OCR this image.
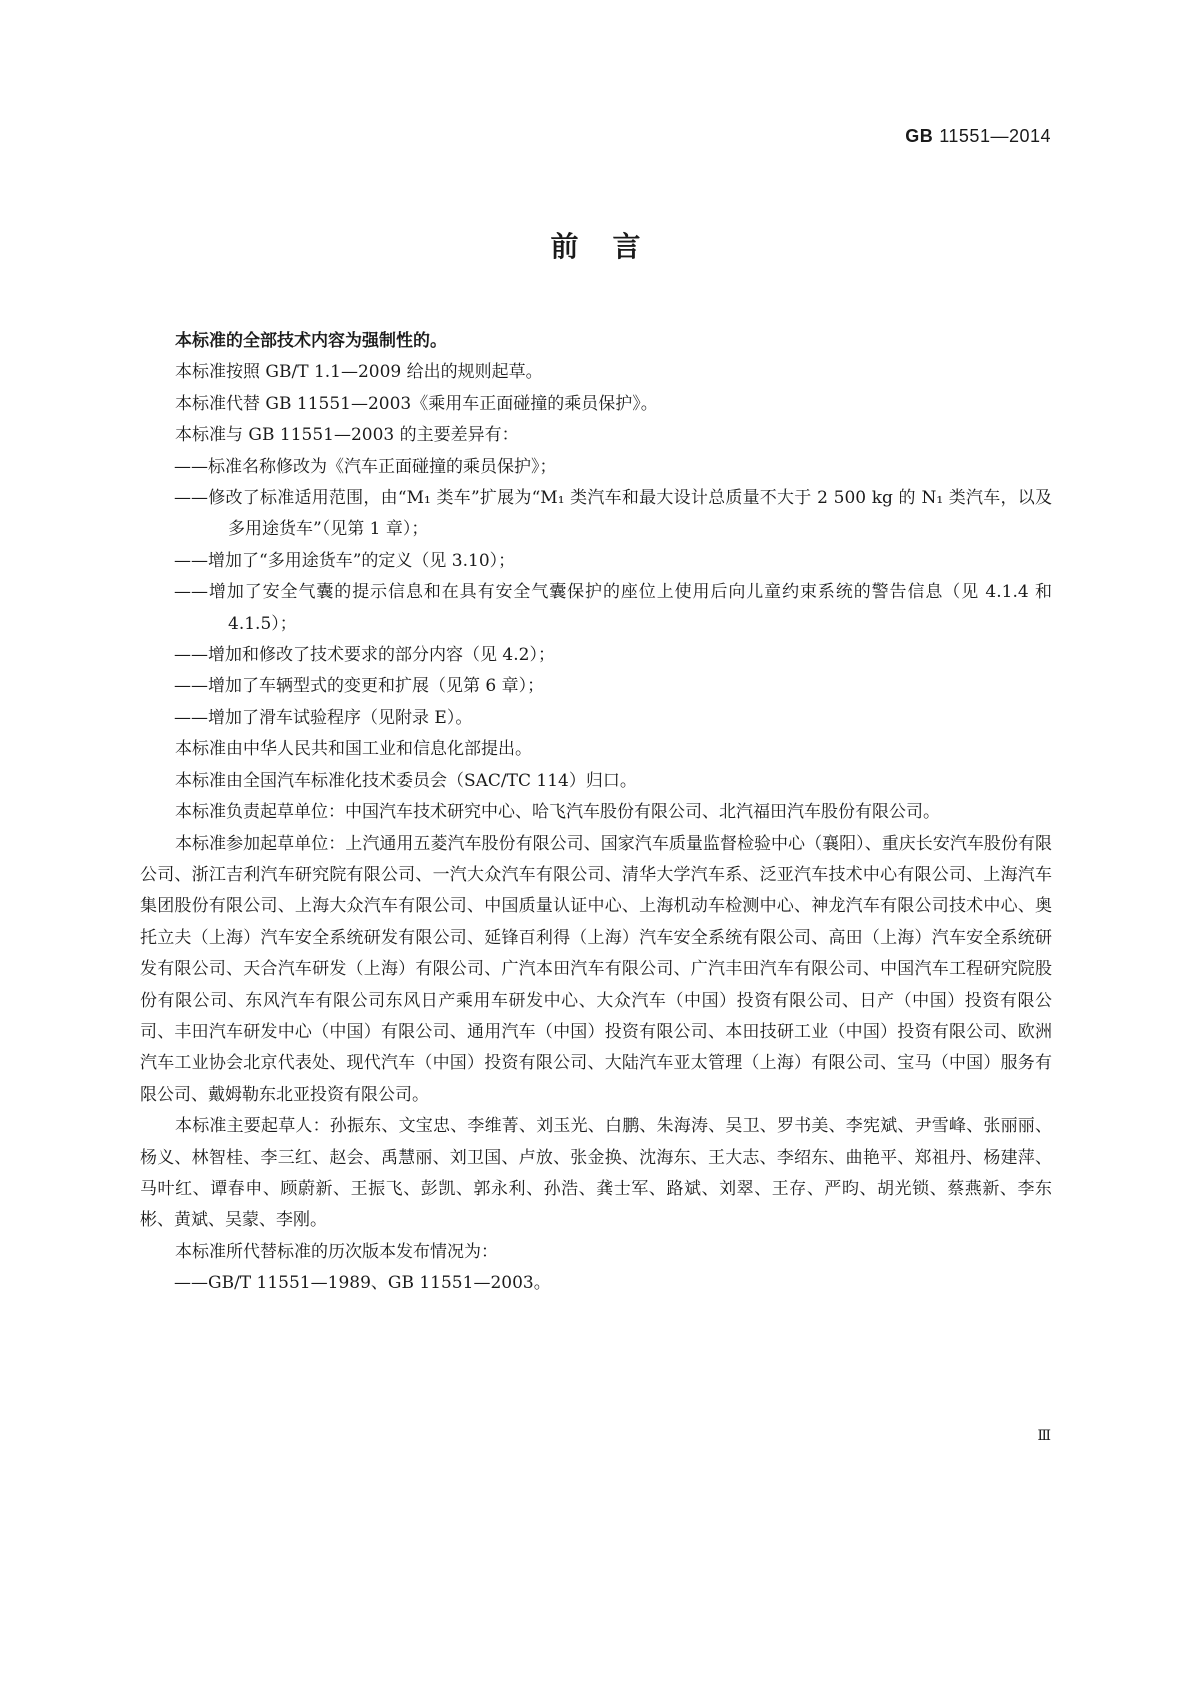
GB 11551—2014
前言

本标准的全部技术内容为强制性的。

本标准按照 GB/T 1.1—2009 给出的规则起草。

本标准代替 GB 11551—2003《乘用车正面碰撞的乘员保护》。

本标准与 GB 11551—2003 的主要差异有：

——标准名称修改为《汽车正面碰撞的乘员保护》；

——修改了标准适用范围，由“M₁ 类车”扩展为“M₁ 类汽车和最大设计总质量不大于 2 500 kg 的 N₁ 类汽车，以及多用途货车”（见第 1 章）；

——增加了“多用途货车”的定义（见 3.10）；

——增加了安全气囊的提示信息和在具有安全气囊保护的座位上使用后向儿童约束系统的警告信息（见 4.1.4 和 4.1.5）；

——增加和修改了技术要求的部分内容（见 4.2）；

——增加了车辆型式的变更和扩展（见第 6 章）；

——增加了滑车试验程序（见附录 E）。

本标准由中华人民共和国工业和信息化部提出。

本标准由全国汽车标准化技术委员会（SAC/TC 114）归口。

本标准负责起草单位：中国汽车技术研究中心、哈飞汽车股份有限公司、北汽福田汽车股份有限公司。

本标准参加起草单位：上汽通用五菱汽车股份有限公司、国家汽车质量监督检验中心（襄阳）、重庆长安汽车股份有限公司、浙江吉利汽车研究院有限公司、一汽大众汽车有限公司、清华大学汽车系、泛亚汽车技术中心有限公司、上海汽车集团股份有限公司、上海大众汽车有限公司、中国质量认证中心、上海机动车检测中心、神龙汽车有限公司技术中心、奥托立夫（上海）汽车安全系统研发有限公司、延锋百利得（上海）汽车安全系统有限公司、高田（上海）汽车安全系统研发有限公司、天合汽车研发（上海）有限公司、广汽本田汽车有限公司、广汽丰田汽车有限公司、中国汽车工程研究院股份有限公司、东风汽车有限公司东风日产乘用车研发中心、大众汽车（中国）投资有限公司、日产（中国）投资有限公司、丰田汽车研发中心（中国）有限公司、通用汽车（中国）投资有限公司、本田技研工业（中国）投资有限公司、欧洲汽车工业协会北京代表处、现代汽车（中国）投资有限公司、大陆汽车亚太管理（上海）有限公司、宝马（中国）服务有限公司、戴姆勒东北亚投资有限公司。

本标准主要起草人：孙振东、文宝忠、李维菁、刘玉光、白鹏、朱海涛、吴卫、罗书美、李宪斌、尹雪峰、张丽丽、杨义、林智桂、李三红、赵会、禹慧丽、刘卫国、卢放、张金换、沈海东、王大志、李绍东、曲艳平、郑祖丹、杨建萍、马叶红、谭春申、顾蔚新、王振飞、彭凯、郭永利、孙浩、龚士军、路斌、刘翠、王存、严昀、胡光锁、蔡燕新、李东彬、黄斌、吴蒙、李刚。

本标准所代替标准的历次版本发布情况为：

——GB/T 11551—1989、GB 11551—2003。

Ⅲ
